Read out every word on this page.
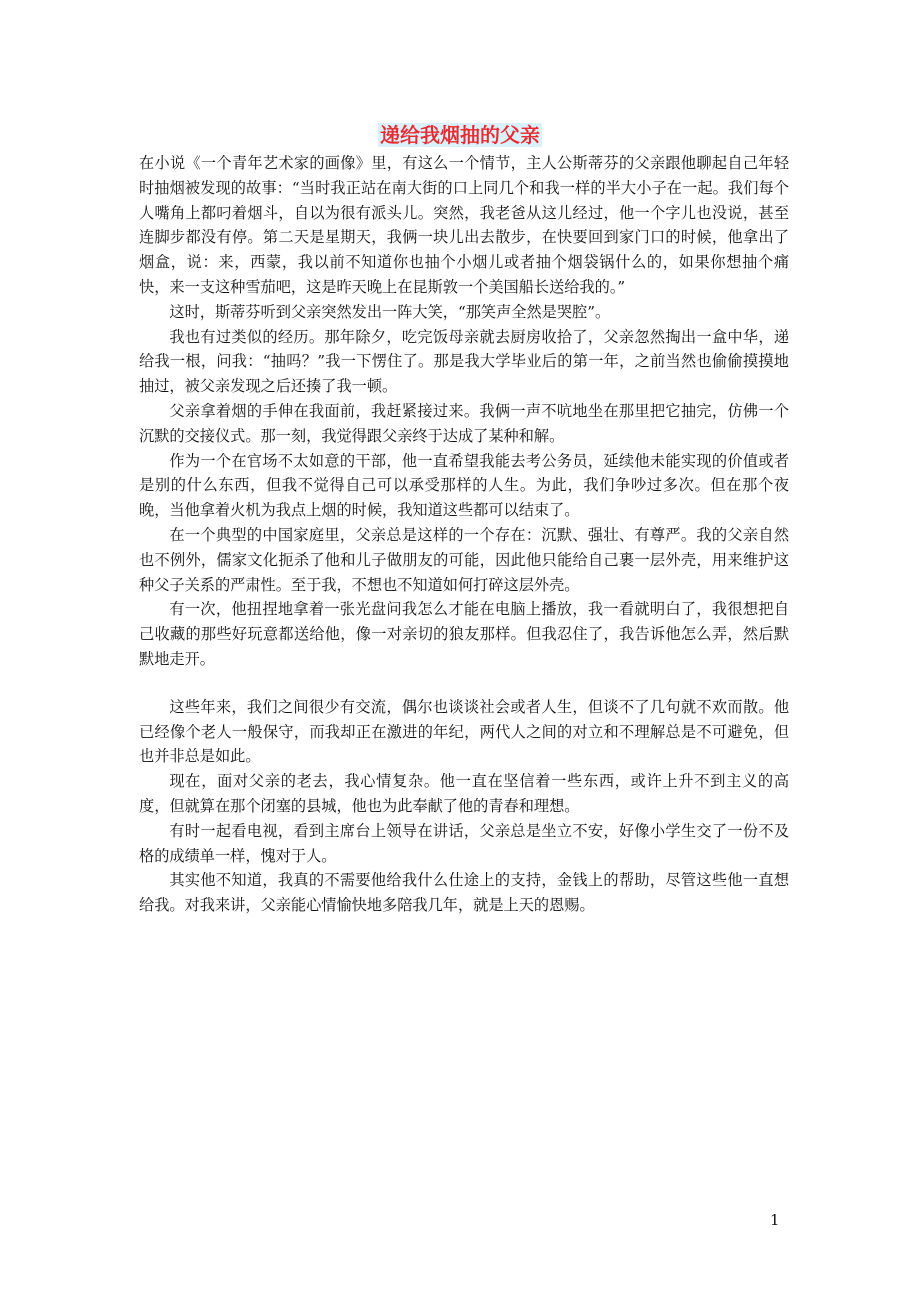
递给我烟抽的父亲

在小说《一个青年艺术家的画像》里，有这么一个情节，主人公斯蒂芬的父亲跟他聊起自己年轻时抽烟被发现的故事：“当时我正站在南大街的口上同几个和我一样的半大小子在一起。我们每个人嘴角上都叼着烟斗，自以为很有派头儿。突然，我老爸从这儿经过，他一个字儿也没说，甚至连脚步都没有停。第二天是星期天，我俩一块儿出去散步，在快要回到家门口的时候，他拿出了烟盒，说：来，西蒙，我以前不知道你也抽个小烟儿或者抽个烟袋锅什么的，如果你想抽个痛快，来一支这种雪茄吧，这是昨天晚上在昆斯敦一个美国船长送给我的。”

这时，斯蒂芬听到父亲突然发出一阵大笑，“那笑声全然是哭腔”。

我也有过类似的经历。那年除夕，吃完饭母亲就去厨房收拾了，父亲忽然掏出一盒中华，递给我一根，问我：“抽吗？”我一下愣住了。那是我大学毕业后的第一年，之前当然也偷偷摸摸地抽过，被父亲发现之后还揍了我一顿。

父亲拿着烟的手伸在我面前，我赶紧接过来。我俩一声不吭地坐在那里把它抽完，仿佛一个沉默的交接仪式。那一刻，我觉得跟父亲终于达成了某种和解。

作为一个在官场不太如意的干部，他一直希望我能去考公务员，延续他未能实现的价值或者是别的什么东西，但我不觉得自己可以承受那样的人生。为此，我们争吵过多次。但在那个夜晚，当他拿着火机为我点上烟的时候，我知道这些都可以结束了。

在一个典型的中国家庭里，父亲总是这样的一个存在：沉默、强壮、有尊严。我的父亲自然也不例外，儒家文化扼杀了他和儿子做朋友的可能，因此他只能给自己裹一层外壳，用来维护这种父子关系的严肃性。至于我，不想也不知道如何打碎这层外壳。

有一次，他扭捏地拿着一张光盘问我怎么才能在电脑上播放，我一看就明白了，我很想把自己收藏的那些好玩意都送给他，像一对亲切的狼友那样。但我忍住了，我告诉他怎么弄，然后默默地走开。

这些年来，我们之间很少有交流，偶尔也谈谈社会或者人生，但谈不了几句就不欢而散。他已经像个老人一般保守，而我却正在激进的年纪，两代人之间的对立和不理解总是不可避免，但也并非总是如此。

现在，面对父亲的老去，我心情复杂。他一直在坚信着一些东西，或许上升不到主义的高度，但就算在那个闭塞的县城，他也为此奉献了他的青春和理想。

有时一起看电视，看到主席台上领导在讲话，父亲总是坐立不安，好像小学生交了一份不及格的成绩单一样，愧对于人。

其实他不知道，我真的不需要他给我什么仕途上的支持，金钱上的帮助，尽管这些他一直想给我。对我来讲，父亲能心情愉快地多陪我几年，就是上天的恩赐。

1
